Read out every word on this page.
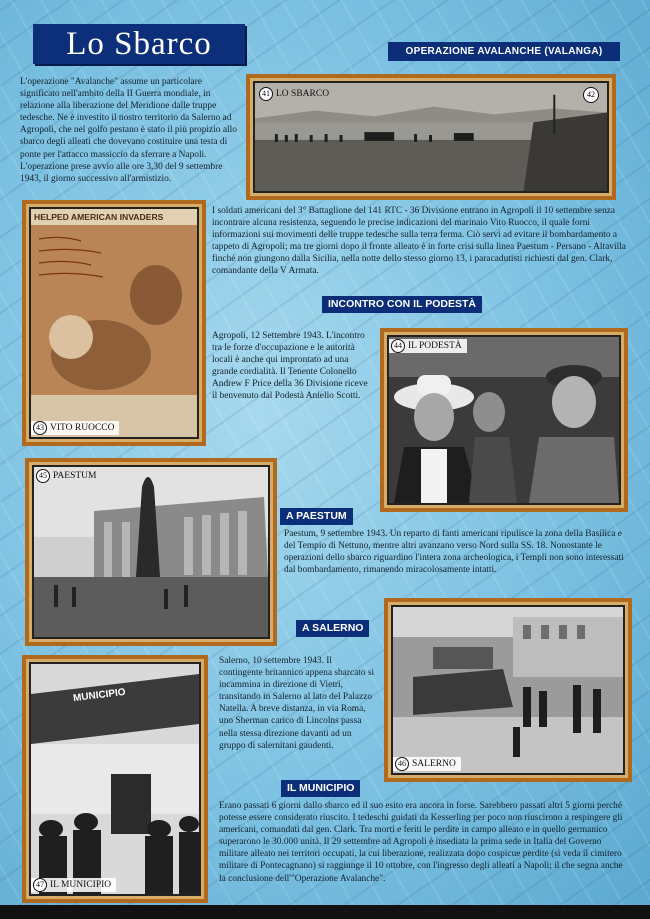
Lo Sbarco	OPERAZIONE AVALANCHE (VALANGA)
L'operazione "Avalanche" assume un particolare significato nell'ambito della II Guerra mondiale, in relazione alla liberazione del Meridione dalle truppe tedesche. Ne è investito il nostro territorio da Salerno ad Agropoli, che nel golfo pestano è stato il più propizio allo sbarco degli alleati che dovevano costituire una testa di ponte per l'attacco massiccio da sferrare a Napoli. L'operazione prese avvio alle ore 3,30 del 9 settembre 1943, il giorno successivo all'armistizio.
41 LO SBARCO	42
HELPED AMERICAN INVADERS
43 VITO RUOCCO
I soldati americani del 3° Battaglione del 141 RTC - 36 Divisione entrano in Agropoli il 10 settembre senza incontrare alcuna resistenza, seguendo le precise indicazioni del marinaio Vito Ruocco, il quale forni informazioni sui movimenti delle truppe tedesche sulla terra ferma. Ciò servì ad evitare il bombardamento a tappeto di Agropoli; ma tre giorni dopo il fronte alleato è in forte crisi sulla linea Paestum - Persano - Altavilla finché non giungono dalla Sicilia, nella notte dello stesso giorno 13, i paracadutisti richiesti dal gen. Clark, comandante della V Armata.
INCONTRO CON IL PODESTÀ
Agropoli, 12 Settembre 1943. L'incontro tra le forze d'occupazione e le autorità locali è anche qui improntato ad una grande cordialità. Il Tenente Colonello Andrew F Price della 36 Divisione riceve il benvenuto dal Podestà Aniello Scotti.
44 IL PODESTÀ
45 PAESTUM
A PAESTUM
Paestum, 9 settembre 1943. Un reparto di fanti americani ripulisce la zona della Basilica e del Tempio di Nettuno, mentre altri avanzano verso Nord sulla SS. 18. Nonostante le operazioni dello sbarco riguardino l'intera zona archeologica, i Templi non sono interessati dal bombardamento, rimanendo miracolosamente intatti.
A SALERNO
46 SALERNO
Salerno, 10 settembre 1943. Il contingente britannico appena sbarcato si incammina in direzione di Vietri, transitando in Salerno al lato del Palazzo Natella. A breve distanza, in via Roma, uno Sherman carico di Lincolns passa nella stessa direzione davanti ad un gruppo di salernitani gaudenti.
MUNICIPIO
47 IL MUNICIPIO
IL MUNICIPIO
Erano passati 6 giorni dallo sbarco ed il suo esito era ancora in forse. Sarebbero passati altri 5 giorni perché potesse essere considerato riuscito. I tedeschi guidati da Kesserling per poco non riuscirono a respingere gli americani, comandati dal gen. Clark. Tra morti e feriti le perdite in campo alleato e in quello germanico superarono le 30.000 unità. Il 29 settembre ad Agropoli è insediata la prima sede in Italia del Governo militare alleato nei territori occupati, la cui liberazione, realizzata dopo cospicue perdite (si veda il cimitero militare di Pontecagnano) si raggiunge il 10 ottobre, con l'ingresso degli alleati a Napoli; il che segna anche la conclusione dell'"Operazione Avalanche".
